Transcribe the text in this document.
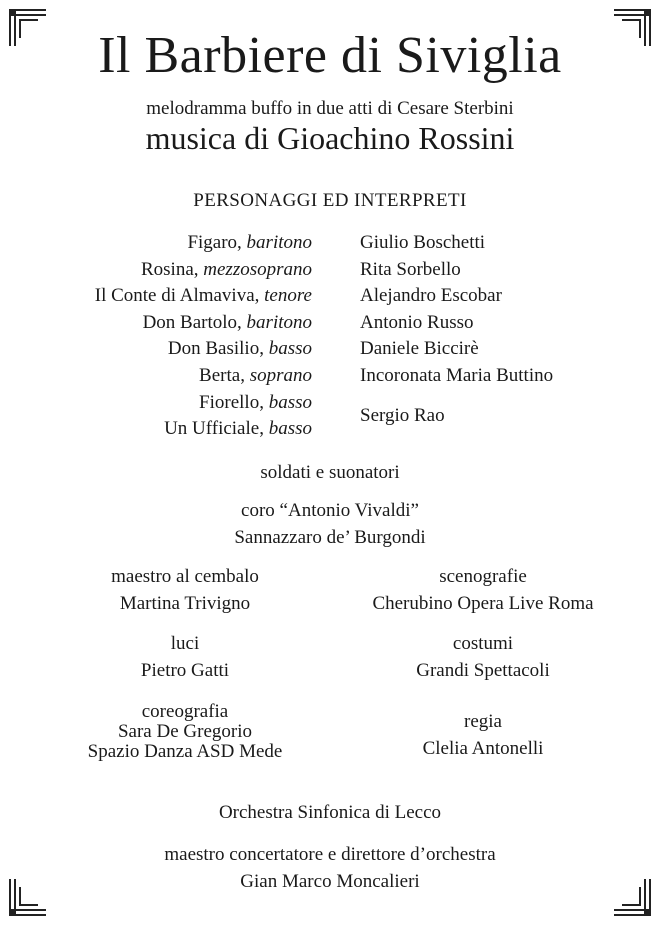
Il Barbiere di Siviglia
melodramma buffo in due atti di Cesare Sterbini
musica di Gioachino Rossini
PERSONAGGI ED INTERPRETI
Figaro, baritono
Rosina, mezzosoprano
Il Conte di Almaviva, tenore
Don Bartolo, baritono
Don Basilio, basso
Berta, soprano
Fiorello, basso
Un Ufficiale, basso
Giulio Boschetti
Rita Sorbello
Alejandro Escobar
Antonio Russo
Daniele Biccirè
Incoronata Maria Buttino
Sergio Rao
soldati e suonatori
coro “Antonio Vivaldi”
Sannazzaro de’ Burgondi
maestro al cembalo
Martina Trivigno
luci
Pietro Gatti
coreografia
Sara De Gregorio
Spazio Danza ASD Mede
scenografie
Cherubino Opera Live Roma
costumi
Grandi Spettacoli
regia
Clelia Antonelli
Orchestra Sinfonica di Lecco
maestro concertatore e direttore d’orchestra
Gian Marco Moncalieri
